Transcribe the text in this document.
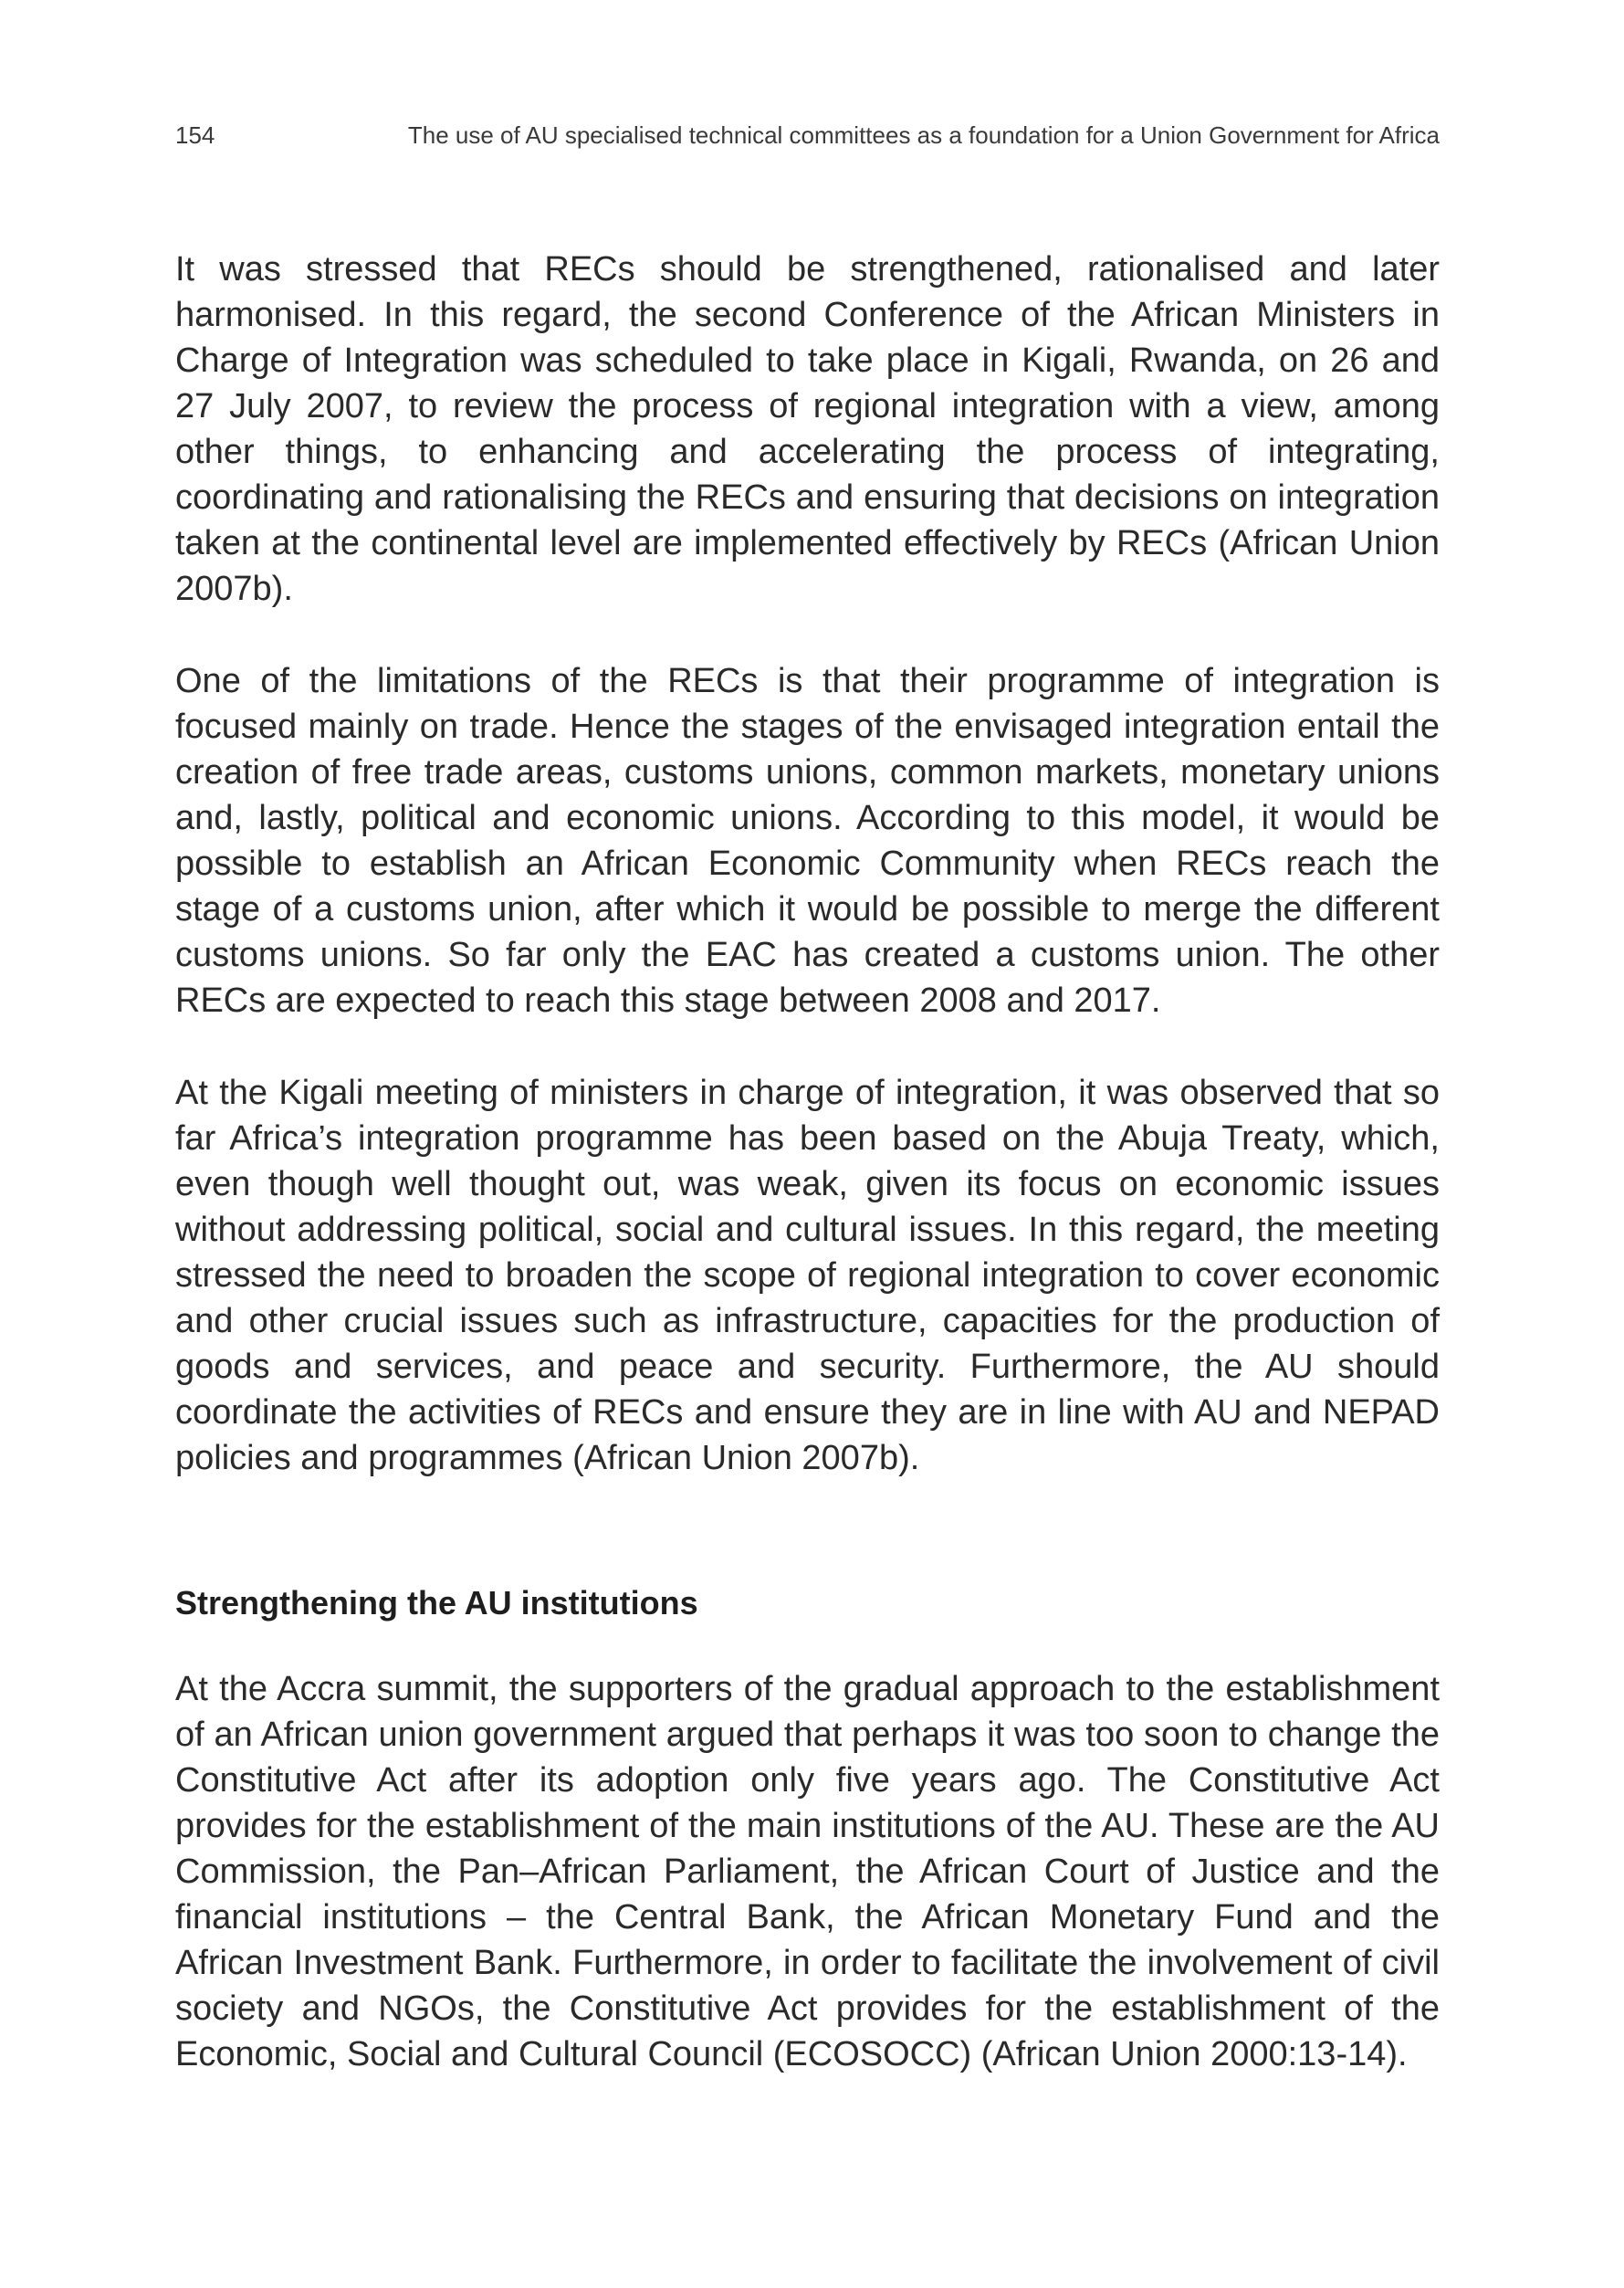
154	The use of AU specialised technical committees as a foundation for a Union Government for Africa

It was stressed that RECs should be strengthened, rationalised and later harmonised. In this regard, the second Conference of the African Ministers in Charge of Integration was scheduled to take place in Kigali, Rwanda, on 26 and 27 July 2007, to review the process of regional integration with a view, among other things, to enhancing and accelerating the process of integrating, coordinating and rationalising the RECs and ensuring that decisions on integration taken at the continental level are implemented effectively by RECs (African Union 2007b).

One of the limitations of the RECs is that their programme of integration is focused mainly on trade. Hence the stages of the envisaged integration entail the creation of free trade areas, customs unions, common markets, monetary unions and, lastly, political and economic unions. According to this model, it would be possible to establish an African Economic Community when RECs reach the stage of a customs union, after which it would be possible to merge the different customs unions. So far only the EAC has created a customs union. The other RECs are expected to reach this stage between 2008 and 2017.

At the Kigali meeting of ministers in charge of integration, it was observed that so far Africa’s integration programme has been based on the Abuja Treaty, which, even though well thought out, was weak, given its focus on economic issues without addressing political, social and cultural issues. In this regard, the meeting stressed the need to broaden the scope of regional integration to cover economic and other crucial issues such as infrastructure, capacities for the production of goods and services, and peace and security. Furthermore, the AU should coordinate the activities of RECs and ensure they are in line with AU and NEPAD policies and programmes (African Union 2007b).

Strengthening the AU institutions

At the Accra summit, the supporters of the gradual approach to the establishment of an African union government argued that perhaps it was too soon to change the Constitutive Act after its adoption only five years ago. The Constitutive Act provides for the establishment of the main institutions of the AU. These are the AU Commission, the Pan–African Parliament, the African Court of Justice and the financial institutions – the Central Bank, the African Monetary Fund and the African Investment Bank. Furthermore, in order to facilitate the involvement of civil society and NGOs, the Constitutive Act provides for the establishment of the Economic, Social and Cultural Council (ECOSOCC) (African Union 2000:13-14).
